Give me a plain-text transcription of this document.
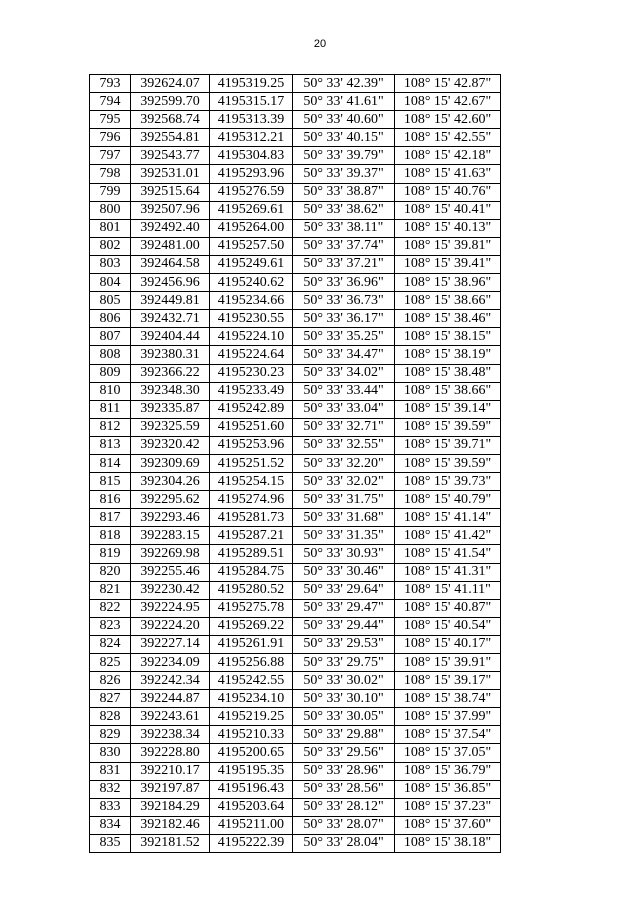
20
793	392624.07	4195319.25	50° 33' 42.39"	108° 15' 42.87"
794	392599.70	4195315.17	50° 33' 41.61"	108° 15' 42.67"
795	392568.74	4195313.39	50° 33' 40.60"	108° 15' 42.60"
796	392554.81	4195312.21	50° 33' 40.15"	108° 15' 42.55"
797	392543.77	4195304.83	50° 33' 39.79"	108° 15' 42.18"
798	392531.01	4195293.96	50° 33' 39.37"	108° 15' 41.63"
799	392515.64	4195276.59	50° 33' 38.87"	108° 15' 40.76"
800	392507.96	4195269.61	50° 33' 38.62"	108° 15' 40.41"
801	392492.40	4195264.00	50° 33' 38.11"	108° 15' 40.13"
802	392481.00	4195257.50	50° 33' 37.74"	108° 15' 39.81"
803	392464.58	4195249.61	50° 33' 37.21"	108° 15' 39.41"
804	392456.96	4195240.62	50° 33' 36.96"	108° 15' 38.96"
805	392449.81	4195234.66	50° 33' 36.73"	108° 15' 38.66"
806	392432.71	4195230.55	50° 33' 36.17"	108° 15' 38.46"
807	392404.44	4195224.10	50° 33' 35.25"	108° 15' 38.15"
808	392380.31	4195224.64	50° 33' 34.47"	108° 15' 38.19"
809	392366.22	4195230.23	50° 33' 34.02"	108° 15' 38.48"
810	392348.30	4195233.49	50° 33' 33.44"	108° 15' 38.66"
811	392335.87	4195242.89	50° 33' 33.04"	108° 15' 39.14"
812	392325.59	4195251.60	50° 33' 32.71"	108° 15' 39.59"
813	392320.42	4195253.96	50° 33' 32.55"	108° 15' 39.71"
814	392309.69	4195251.52	50° 33' 32.20"	108° 15' 39.59"
815	392304.26	4195254.15	50° 33' 32.02"	108° 15' 39.73"
816	392295.62	4195274.96	50° 33' 31.75"	108° 15' 40.79"
817	392293.46	4195281.73	50° 33' 31.68"	108° 15' 41.14"
818	392283.15	4195287.21	50° 33' 31.35"	108° 15' 41.42"
819	392269.98	4195289.51	50° 33' 30.93"	108° 15' 41.54"
820	392255.46	4195284.75	50° 33' 30.46"	108° 15' 41.31"
821	392230.42	4195280.52	50° 33' 29.64"	108° 15' 41.11"
822	392224.95	4195275.78	50° 33' 29.47"	108° 15' 40.87"
823	392224.20	4195269.22	50° 33' 29.44"	108° 15' 40.54"
824	392227.14	4195261.91	50° 33' 29.53"	108° 15' 40.17"
825	392234.09	4195256.88	50° 33' 29.75"	108° 15' 39.91"
826	392242.34	4195242.55	50° 33' 30.02"	108° 15' 39.17"
827	392244.87	4195234.10	50° 33' 30.10"	108° 15' 38.74"
828	392243.61	4195219.25	50° 33' 30.05"	108° 15' 37.99"
829	392238.34	4195210.33	50° 33' 29.88"	108° 15' 37.54"
830	392228.80	4195200.65	50° 33' 29.56"	108° 15' 37.05"
831	392210.17	4195195.35	50° 33' 28.96"	108° 15' 36.79"
832	392197.87	4195196.43	50° 33' 28.56"	108° 15' 36.85"
833	392184.29	4195203.64	50° 33' 28.12"	108° 15' 37.23"
834	392182.46	4195211.00	50° 33' 28.07"	108° 15' 37.60"
835	392181.52	4195222.39	50° 33' 28.04"	108° 15' 38.18"
